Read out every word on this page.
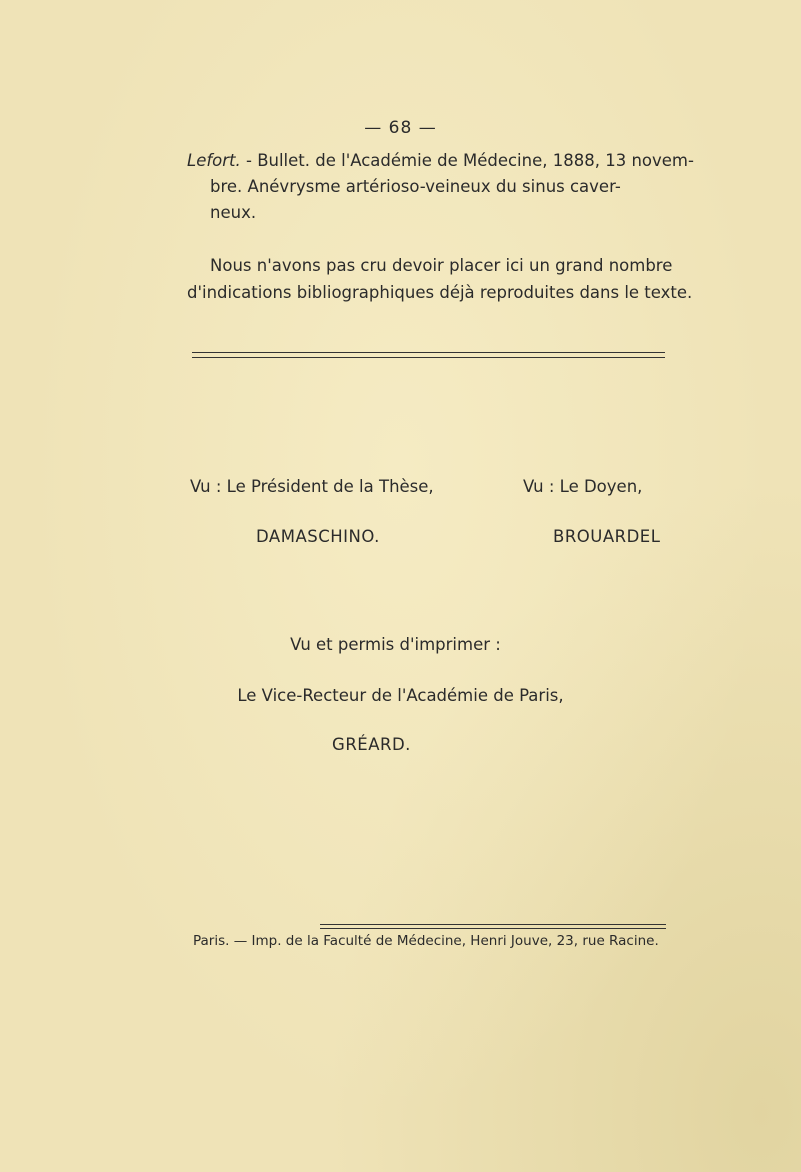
— 68 —
Lefort. - Bullet. de l'Académie de Médecine, 1888, 13 novem-
bre. Anévrysme artérioso-veineux du sinus caver-
neux.
Nous n'avons pas cru devoir placer ici un grand nombre
d'indications bibliographiques déjà reproduites dans le texte.
Vu : Le Président de la Thèse,	Vu : Le Doyen,
DAMASCHINO.	BROUARDEL
Vu et permis d'imprimer :
Le Vice-Recteur de l'Académie de Paris,
GRÉARD.
Paris. — Imp. de la Faculté de Médecine, Henri Jouve, 23, rue Racine.
